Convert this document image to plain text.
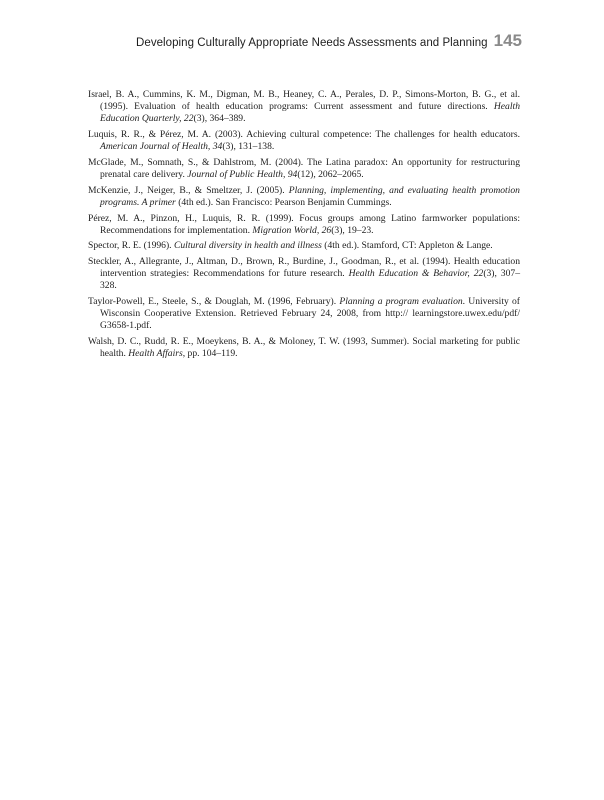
Developing Culturally Appropriate Needs Assessments and Planning 145

Israel, B. A., Cummins, K. M., Digman, M. B., Heaney, C. A., Perales, D. P., Simons-Morton, B. G., et al. (1995). Evaluation of health education programs: Current assessment and future directions. Health Education Quarterly, 22(3), 364–389.

Luquis, R. R., & Pérez, M. A. (2003). Achieving cultural competence: The challenges for health educators. American Journal of Health, 34(3), 131–138.

McGlade, M., Somnath, S., & Dahlstrom, M. (2004). The Latina paradox: An opportunity for restructuring prenatal care delivery. Journal of Public Health, 94(12), 2062–2065.

McKenzie, J., Neiger, B., & Smeltzer, J. (2005). Planning, implementing, and evaluating health promotion programs. A primer (4th ed.). San Francisco: Pearson Benjamin Cummings.

Pérez, M. A., Pinzon, H., Luquis, R. R. (1999). Focus groups among Latino farmworker populations: Recommendations for implementation. Migration World, 26(3), 19–23.

Spector, R. E. (1996). Cultural diversity in health and illness (4th ed.). Stamford, CT: Appleton & Lange.

Steckler, A., Allegrante, J., Altman, D., Brown, R., Burdine, J., Goodman, R., et al. (1994). Health education intervention strategies: Recommendations for future research. Health Education & Behavior, 22(3), 307–328.

Taylor-Powell, E., Steele, S., & Douglah, M. (1996, February). Planning a program evaluation. University of Wisconsin Cooperative Extension. Retrieved February 24, 2008, from http:// learningstore.uwex.edu/pdf/ G3658-1.pdf.

Walsh, D. C., Rudd, R. E., Moeykens, B. A., & Moloney, T. W. (1993, Summer). Social marketing for public health. Health Affairs, pp. 104–119.
